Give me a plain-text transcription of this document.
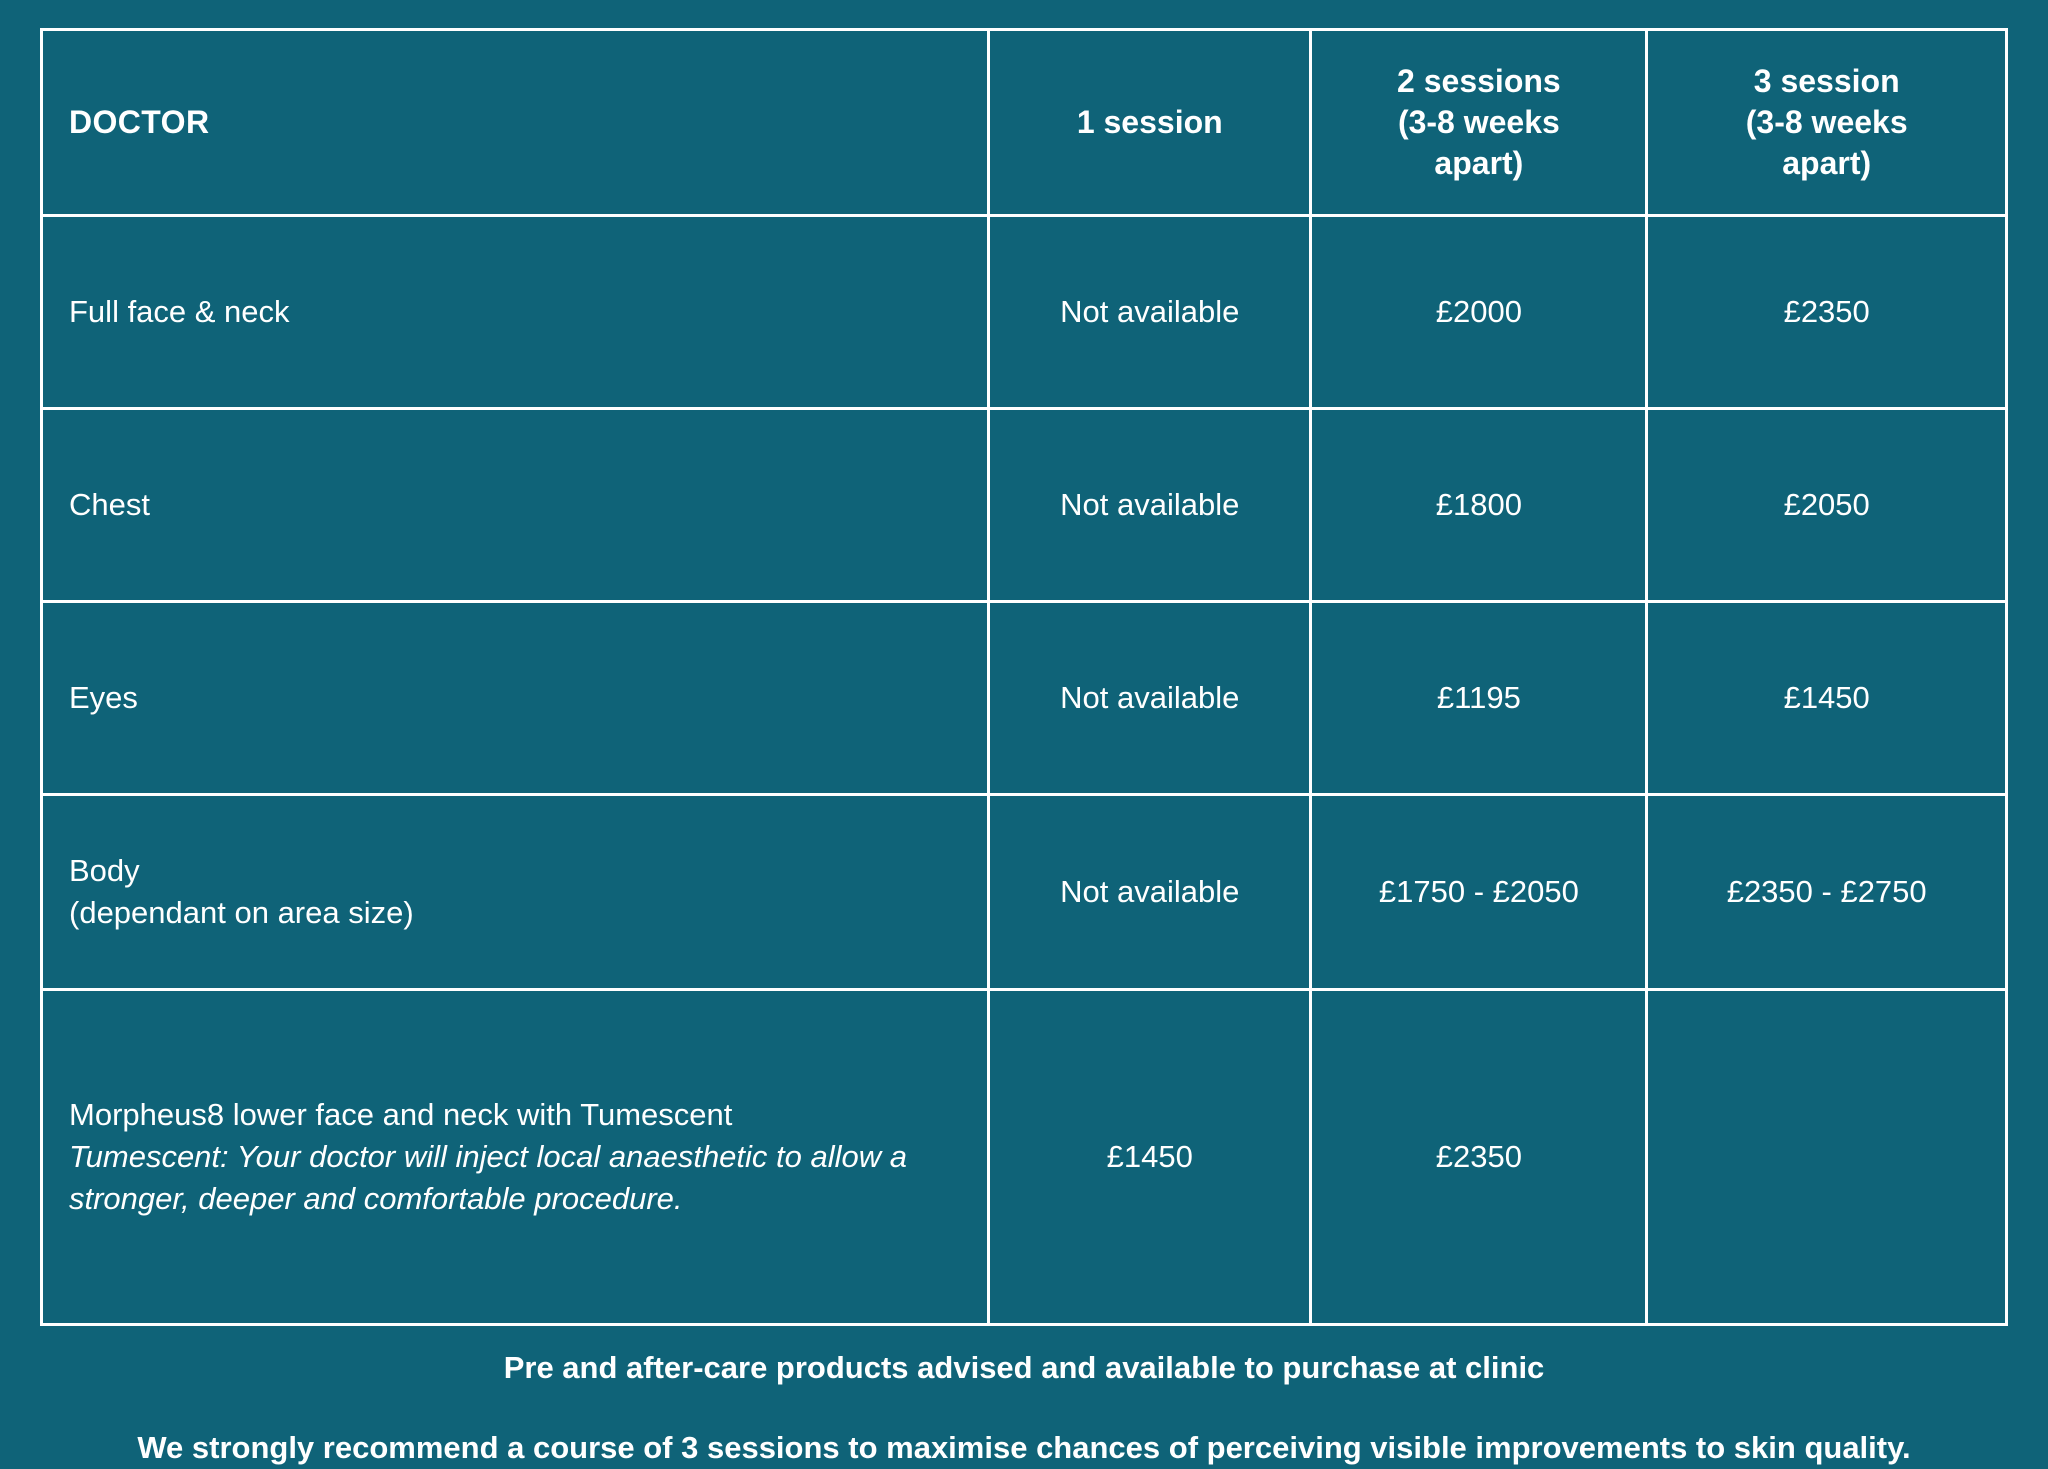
DOCTOR	1 session	2 sessions
(3-8 weeks
apart)	3 session
(3-8 weeks
apart)

Full face & neck	Not available	£2000	£2350

Chest	Not available	£1800	£2050

Eyes	Not available	£1195	£1450

Body
(dependant on area size)	Not available	£1750 - £2050	£2350 - £2750

Morpheus8 lower face and neck with Tumescent
Tumescent: Your doctor will inject local anaesthetic to allow a stronger, deeper and comfortable procedure.	£1450	£2350	
Pre and after-care products advised and available to purchase at clinic
We strongly recommend a course of 3 sessions to maximise chances of perceiving visible improvements to skin quality.
